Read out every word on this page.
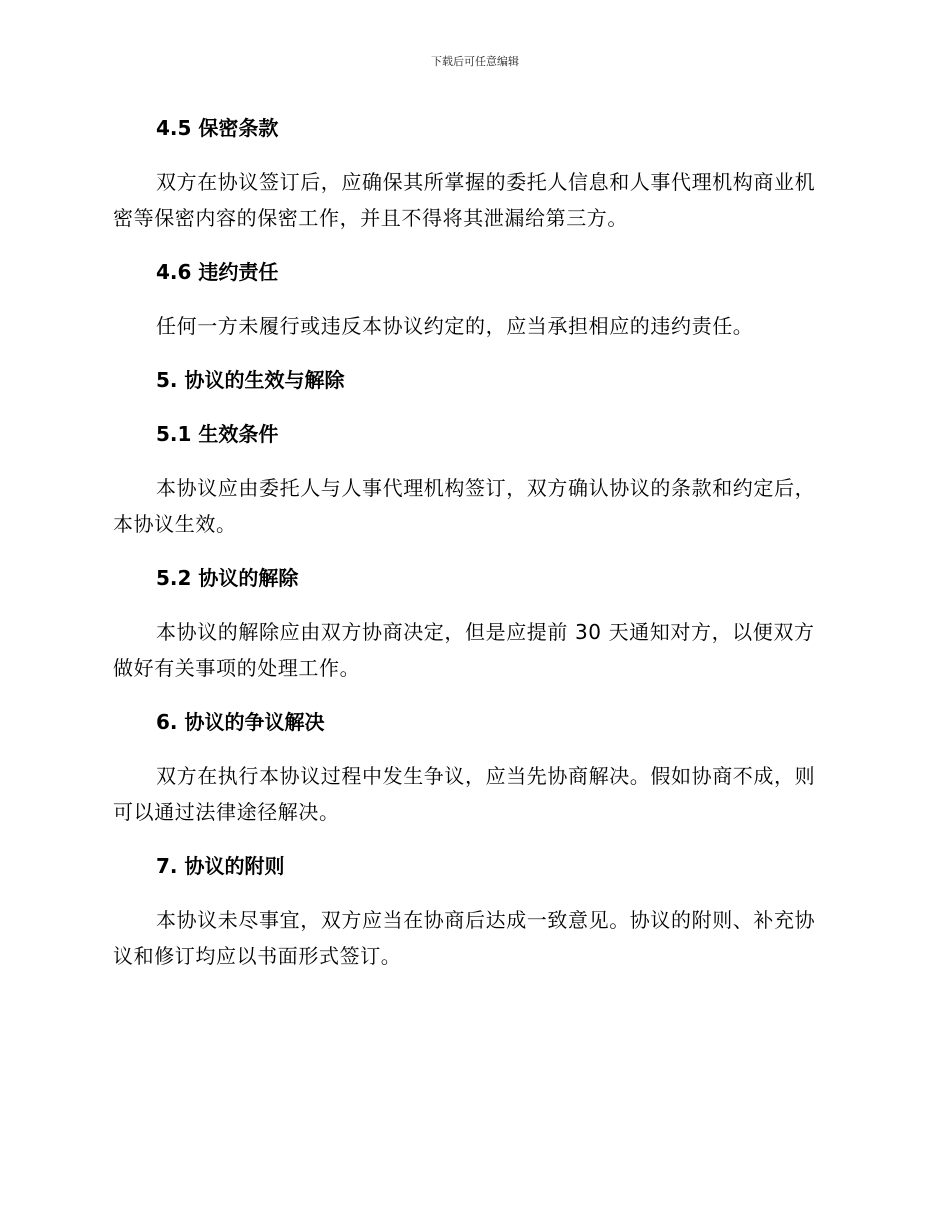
下载后可任意编辑
4.5 保密条款

双方在协议签订后，应确保其所掌握的委托人信息和人事代理机构商业机密等保密内容的保密工作，并且不得将其泄漏给第三方。

4.6 违约责任

任何一方未履行或违反本协议约定的，应当承担相应的违约责任。

5. 协议的生效与解除
5.1 生效条件

本协议应由委托人与人事代理机构签订，双方确认协议的条款和约定后，本协议生效。

5.2 协议的解除

本协议的解除应由双方协商决定，但是应提前 30 天通知对方，以便双方做好有关事项的处理工作。

6. 协议的争议解决

双方在执行本协议过程中发生争议，应当先协商解决。假如协商不成，则可以通过法律途径解决。

7. 协议的附则

本协议未尽事宜，双方应当在协商后达成一致意见。协议的附则、补充协议和修订均应以书面形式签订。
